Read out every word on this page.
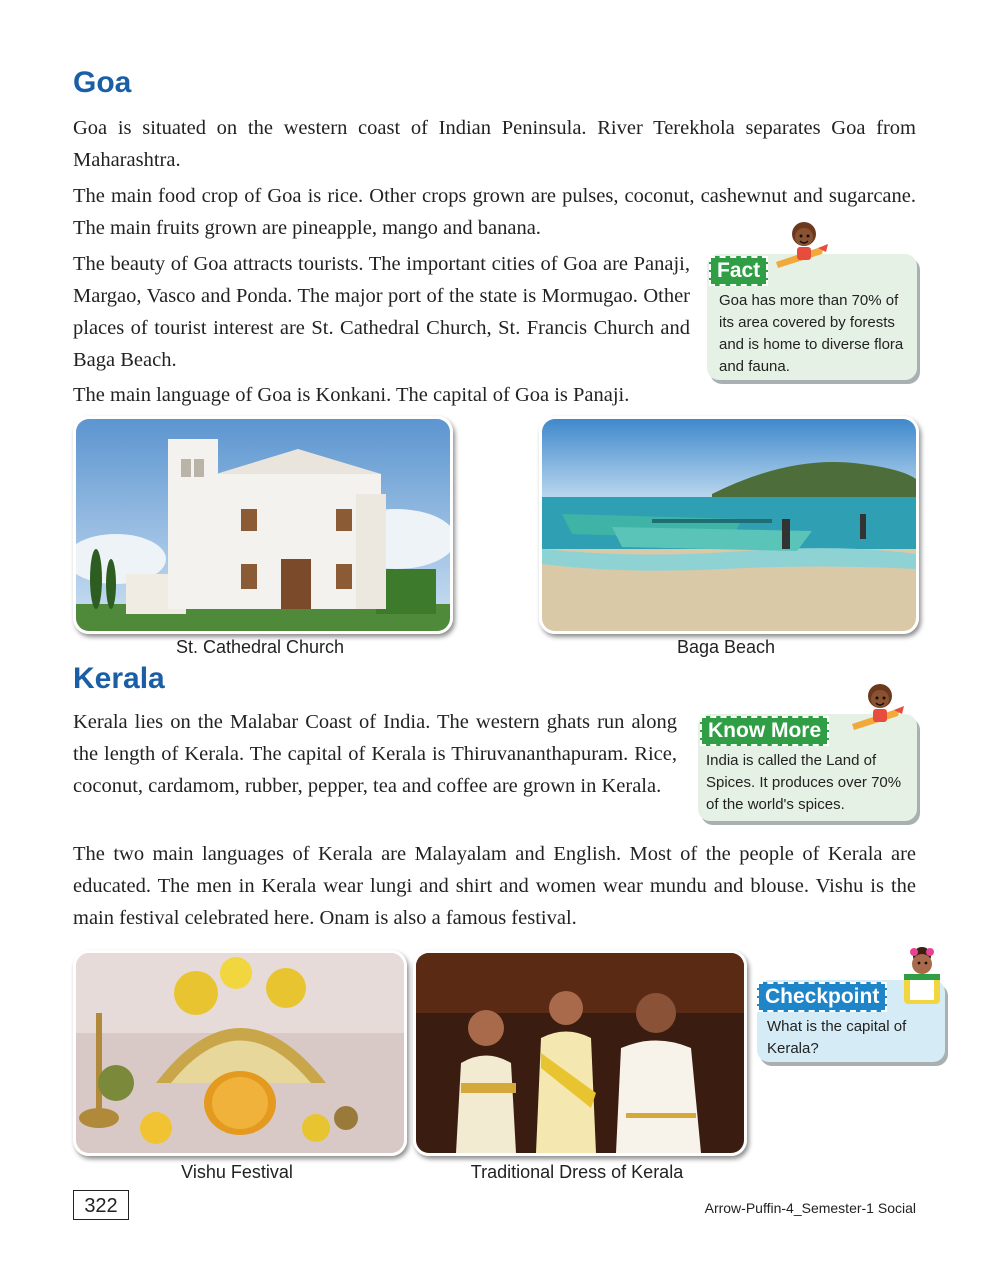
Goa

Goa is situated on the western coast of Indian Peninsula. River Terekhola separates Goa from Maharashtra.

The main food crop of Goa is rice. Other crops grown are pulses, coconut, cashewnut and sugarcane. The main fruits grown are pineapple, mango and banana.

The beauty of Goa attracts tourists. The important cities of Goa are Panaji, Margao, Vasco and Ponda. The major port of the state is Mormugao. Other places of tourist interest are St. Cathedral Church, St. Francis Church and Baga Beach.

The main language of Goa is Konkani. The capital of Goa is Panaji.

Fact

Goa has more than 70% of its area covered by forests and is home to diverse flora and fauna.

St. Cathedral Church	Baga Beach

Kerala

Kerala lies on the Malabar Coast of India. The western ghats run along the length of Kerala. The capital of Kerala is Thiruvananthapuram. Rice, coconut, cardamom, rubber, pepper, tea and coffee are grown in Kerala.

The two main languages of Kerala are Malayalam and English. Most of the people of Kerala are educated. The men in Kerala wear lungi and shirt and women wear mundu and blouse. Vishu is the main festival celebrated here. Onam is also a famous festival.

Know More

India is called the Land of Spices. It produces over 70% of the world's spices.

Vishu Festival	Traditional Dress of Kerala

Checkpoint

What is the capital of Kerala?

322	Arrow-Puffin-4_Semester-1 Social
